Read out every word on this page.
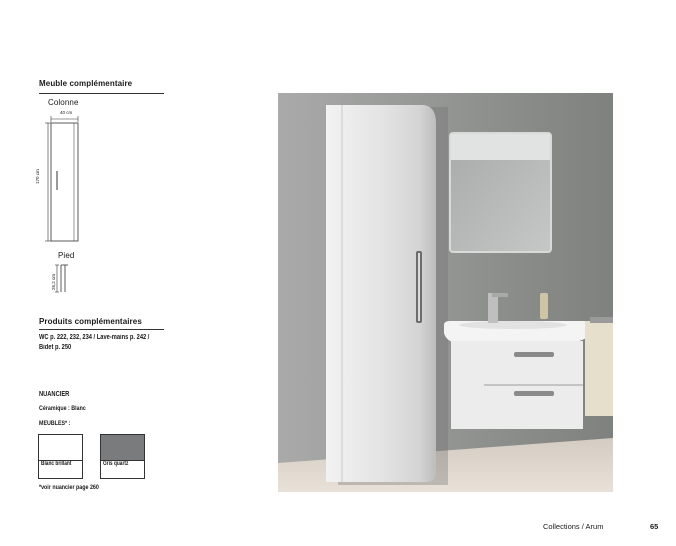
Meuble complémentaire
Colonne
40 cm
170 cm
Pied
26,2 cm
Produits complémentaires
WC p. 222, 232, 234 / Lave-mains p. 242 /
Bidet p. 250
NUANCIER
Céramique : Blanc
MEUBLES* :
Blanc brillant	Gris quartz
*voir nuancier page 260
Collections / Arum	65
